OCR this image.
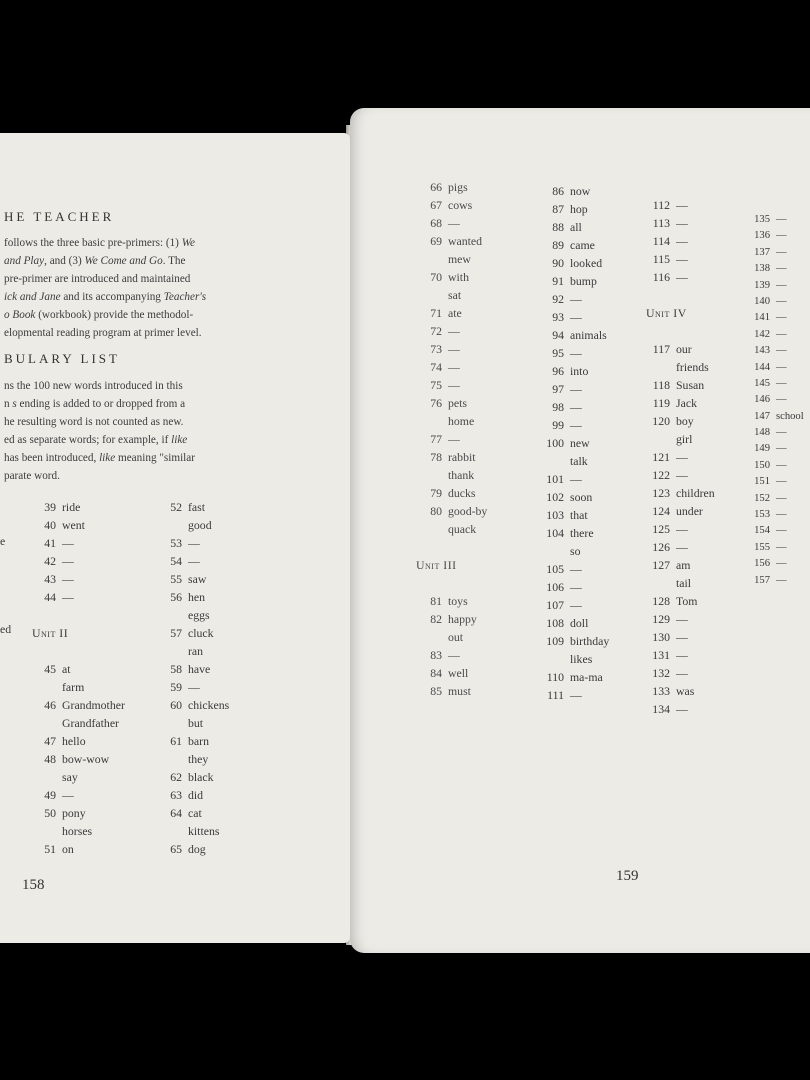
HE TEACHER
follows the three basic pre-primers: (1) We
and Play, and (3) We Come and Go. The
pre-primer are introduced and maintained
ick and Jane and its accompanying Teacher's
o Book (workbook) provide the methodol-
elopmental reading program at primer level.
BULARY LIST
ns the 100 new words introduced in this
n s ending is added to or dropped from a
he resulting word is not counted as new.
ed as separate words; for example, if like
has been introduced, like meaning "similar
parate word.
e
ed
39 ride
40 went
41 —
42 —
43 —
44 —
Unit II
45 at
farm
46 Grandmother
Grandfather
47 hello
48 bow-wow
say
49 —
50 pony
horses
51 on
52 fast
good
53 —
54 —
55 saw
56 hen
eggs
57 cluck
ran
58 have
59 —
60 chickens
but
61 barn
they
62 black
63 did
64 cat
kittens
65 dog
158
66 pigs
67 cows
68 —
69 wanted
mew
70 with
sat
71 ate
72 —
73 —
74 —
75 —
76 pets
home
77 —
78 rabbit
thank
79 ducks
80 good-by
quack
Unit III
81 toys
82 happy
out
83 —
84 well
85 must
86 now
87 hop
88 all
89 came
90 looked
91 bump
92 —
93 —
94 animals
95 —
96 into
97 —
98 —
99 —
100 new
talk
101 —
102 soon
103 that
104 there
so
105 —
106 —
107 —
108 doll
109 birthday
likes
110 ma-ma
111 —
112 —
113 —
114 —
115 —
116 —
Unit IV
117 our
friends
118 Susan
119 Jack
120 boy
girl
121 —
122 —
123 children
124 under
125 —
126 —
127 am
tail
128 Tom
129 —
130 —
131 —
132 —
133 was
134 —
135 —
136 —
137 —
138 —
139 —
140 —
141 —
142 —
143 —
144 —
145 —
146 —
147 school
148 —
149 —
150 —
151 —
152 —
153 —
154 —
155 —
156 —
157 —
159
